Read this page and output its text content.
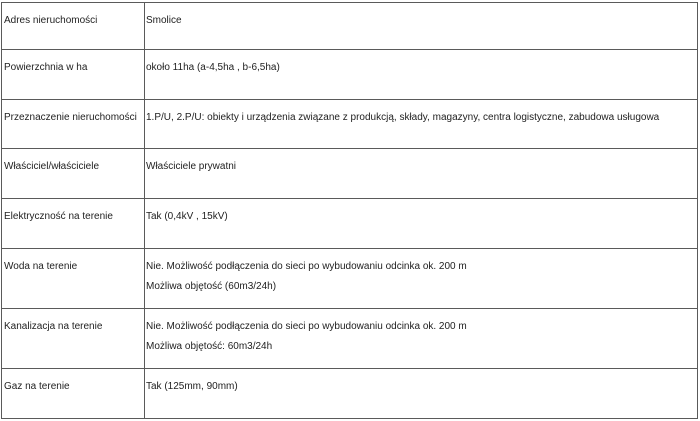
Adres nieruchomości	Smolice

Powierzchnia w ha	około 11ha (a-4,5ha , b-6,5ha)

Przeznaczenie nieruchomości	1.P/U, 2.P/U: obiekty i urządzenia związane z produkcją, składy, magazyny, centra logistyczne, zabudowa usługowa

Właściciel/właściciele	Właściciele prywatni

Elektryczność na terenie	Tak (0,4kV , 15kV)

Woda na terenie	Nie. Możliwość podłączenia do sieci po wybudowaniu odcinka ok. 200 m
Możliwa objętość (60m3/24h)

Kanalizacja na terenie	Nie. Możliwość podłączenia do sieci po wybudowaniu odcinka ok. 200 m
Możliwa objętość: 60m3/24h

Gaz na terenie	Tak (125mm, 90mm)
